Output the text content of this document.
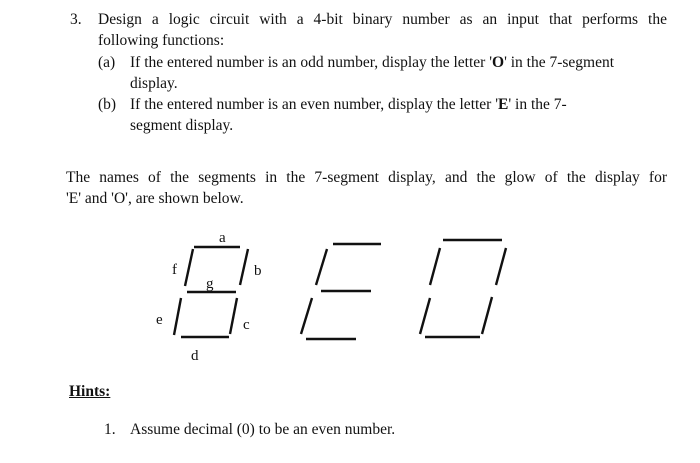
3. Design a logic circuit with a 4-bit binary number as an input that performs the
following functions:
(a) If the entered number is an odd number, display the letter 'O' in the 7-segment
display.
(b) If the entered number is an even number, display the letter 'E' in the 7-
segment display.
The names of the segments in the 7-segment display, and the glow of the display for
'E' and 'O', are shown below.
a
b
c
d
e
f
g
Hints:
1. Assume decimal (0) to be an even number.
